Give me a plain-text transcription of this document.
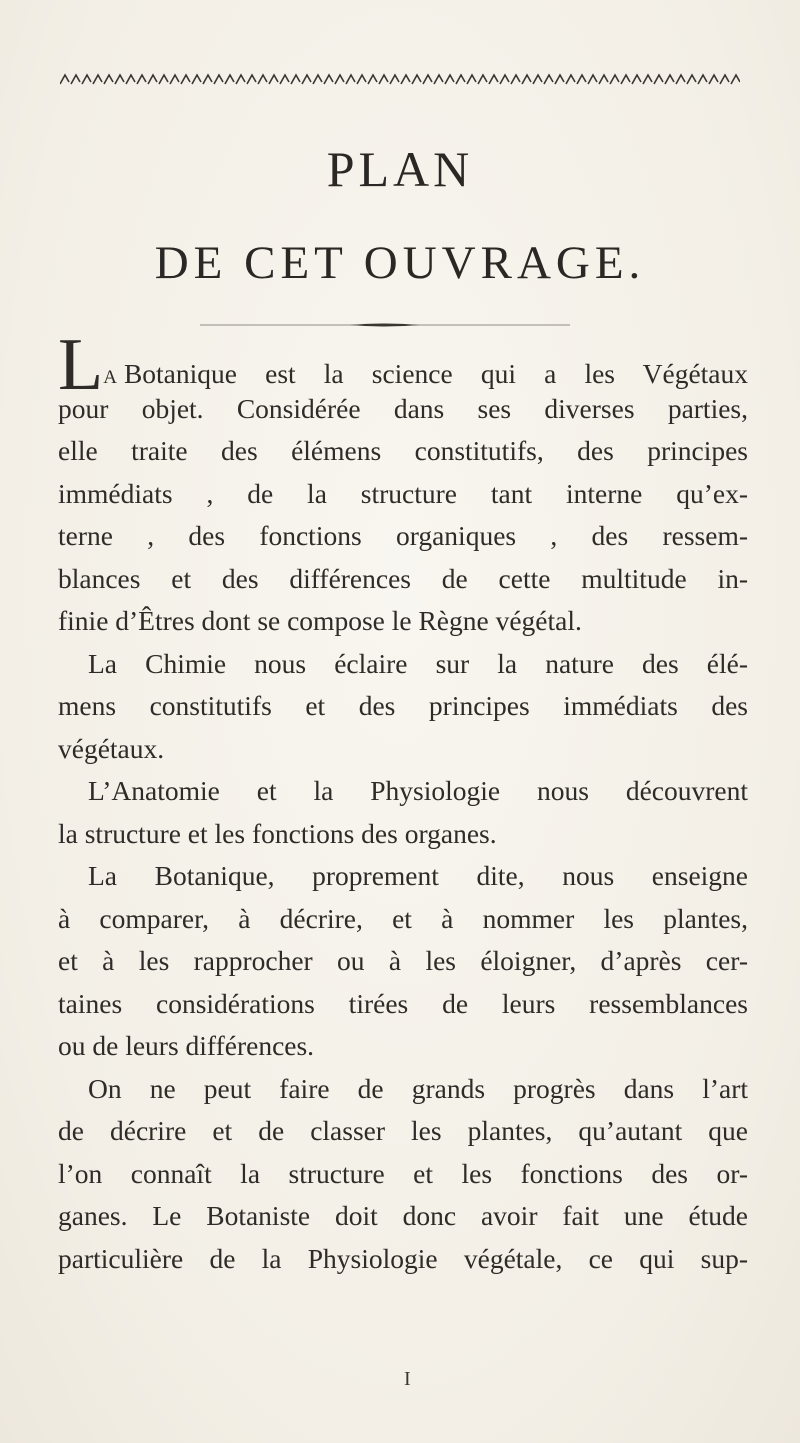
PLAN
DE CET OUVRAGE.
L A Botanique est la science qui a les Végétaux
pour objet. Considérée dans ses diverses parties,
elle traite des élémens constitutifs, des principes
immédiats , de la structure tant interne qu’ex-
terne , des fonctions organiques , des ressem-
blances et des différences de cette multitude in-
finie d’Êtres dont se compose le Règne végétal.
La Chimie nous éclaire sur la nature des élé-
mens constitutifs et des principes immédiats des
végétaux.
L’Anatomie et la Physiologie nous découvrent
la structure et les fonctions des organes.
La Botanique, proprement dite, nous enseigne
à comparer, à décrire, et à nommer les plantes,
et à les rapprocher ou à les éloigner, d’après cer-
taines considérations tirées de leurs ressemblances
ou de leurs différences.
On ne peut faire de grands progrès dans l’art
de décrire et de classer les plantes, qu’autant que
l’on connaît la structure et les fonctions des or-
ganes. Le Botaniste doit donc avoir fait une étude
particulière de la Physiologie végétale, ce qui sup-
I
